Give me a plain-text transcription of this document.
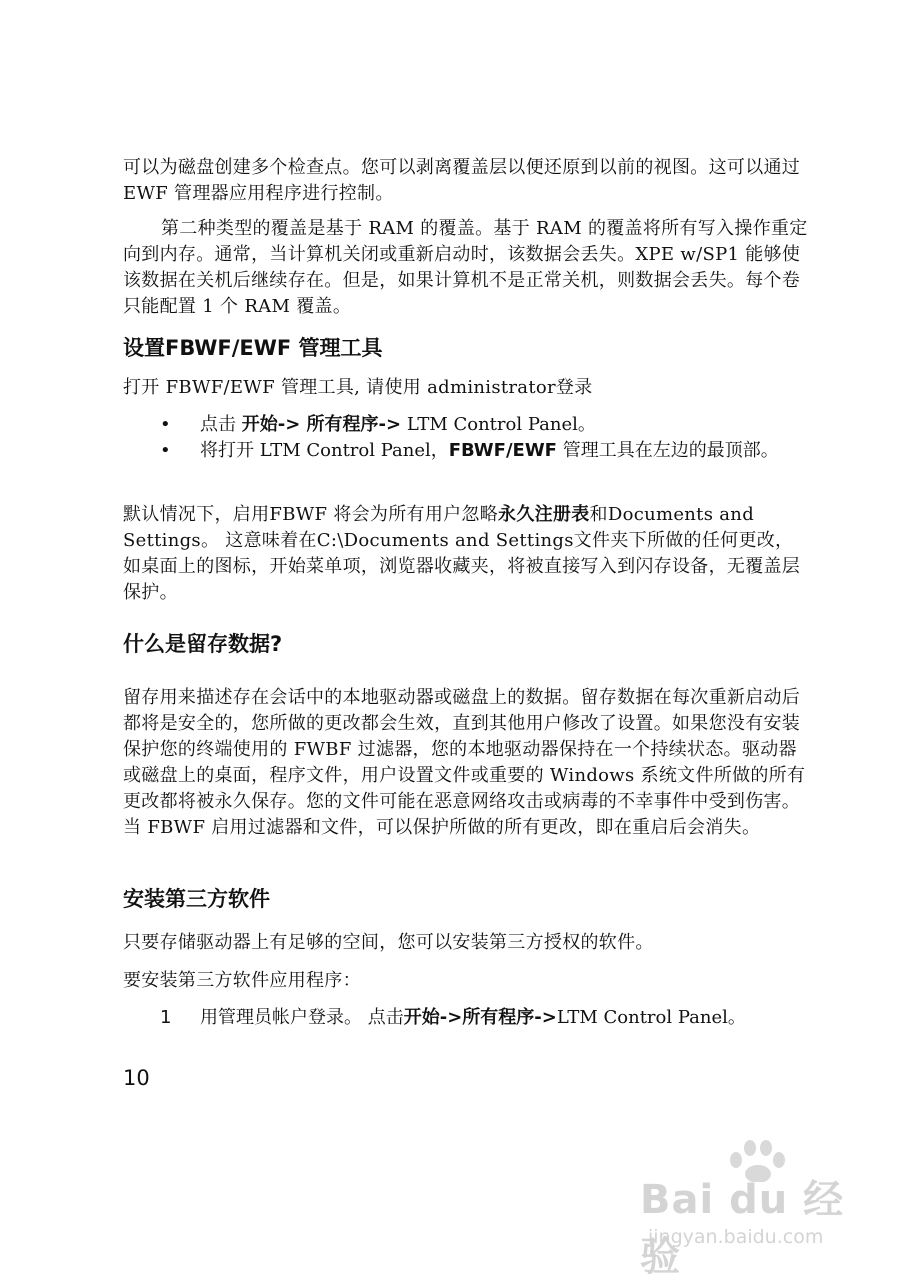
可以为磁盘创建多个检查点。您可以剥离覆盖层以便还原到以前的视图。这可以通过 EWF 管理器应用程序进行控制。

第二种类型的覆盖是基于 RAM 的覆盖。基于 RAM 的覆盖将所有写入操作重定向到内存。通常，当计算机关闭或重新启动时，该数据会丢失。XPE w/SP1 能够使该数据在关机后继续存在。但是，如果计算机不是正常关机，则数据会丢失。每个卷只能配置 1 个 RAM 覆盖。

设置FBWF/EWF 管理工具

打开 FBWF/EWF 管理工具, 请使用 administrator登录

• 点击 开始-> 所有程序-> LTM Control Panel。
• 将打开 LTM Control Panel，FBWF/EWF 管理工具在左边的最顶部。

默认情况下，启用FBWF 将会为所有用户忽略永久注册表和Documents and Settings。 这意味着在C:\Documents and Settings文件夹下所做的任何更改，如桌面上的图标，开始菜单项，浏览器收藏夹，将被直接写入到闪存设备，无覆盖层保护。

什么是留存数据?

留存用来描述存在会话中的本地驱动器或磁盘上的数据。留存数据在每次重新启动后都将是安全的，您所做的更改都会生效，直到其他用户修改了设置。如果您没有安装保护您的终端使用的 FWBF 过滤器，您的本地驱动器保持在一个持续状态。驱动器或磁盘上的桌面，程序文件，用户设置文件或重要的 Windows 系统文件所做的所有更改都将被永久保存。您的文件可能在恶意网络攻击或病毒的不幸事件中受到伤害。当 FBWF 启用过滤器和文件，可以保护所做的所有更改，即在重启后会消失。

安装第三方软件

只要存储驱动器上有足够的空间，您可以安装第三方授权的软件。

要安装第三方软件应用程序：

1 用管理员帐户登录。 点击开始->所有程序->LTM Control Panel。
10
Bai du 经验
jingyan.baidu.com
